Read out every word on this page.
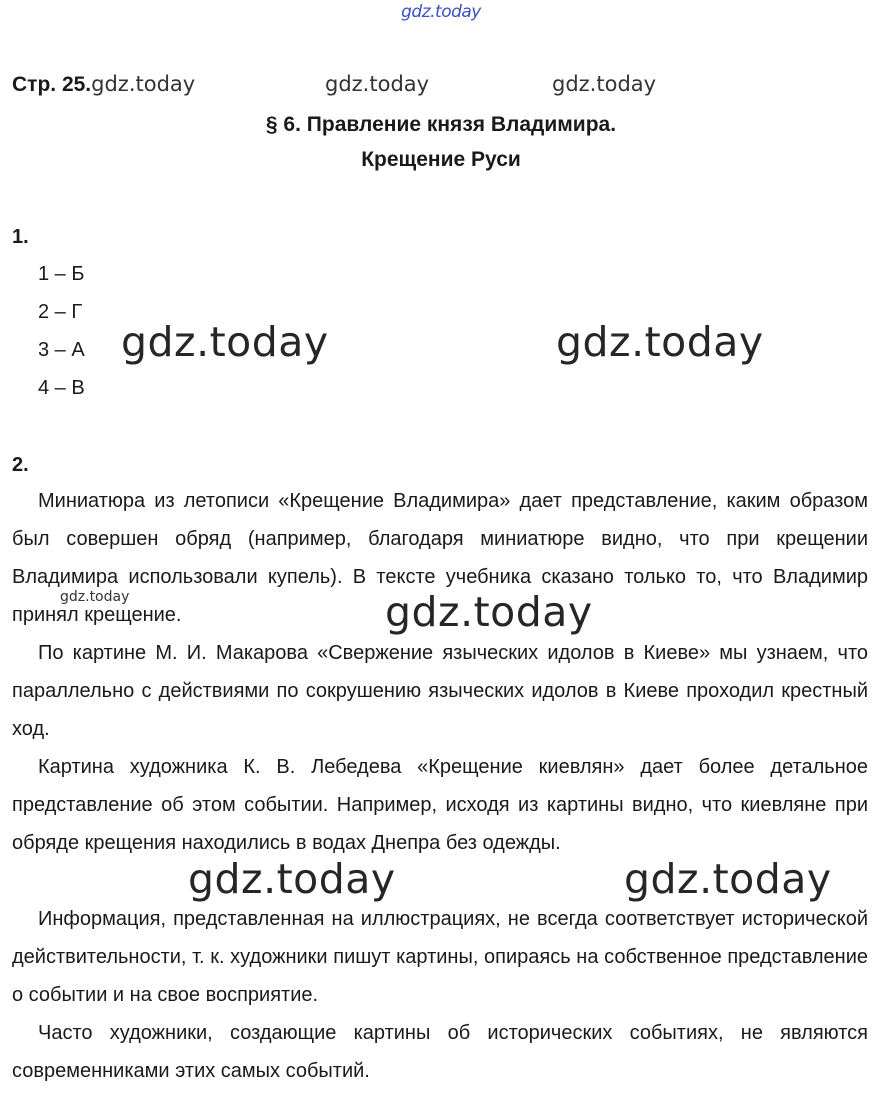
gdz.today
Стр. 25.gdz.today	gdz.today	gdz.today
§ 6. Правление князя Владимира.
Крещение Руси
1.
1 – Б
2 – Г
3 – А
4 – В
2.

Миниатюра из летописи «Крещение Владимира» дает представление, каким образом был совершен обряд (например, благодаря миниатюре видно, что при крещении Владимира использовали купель). В тексте учебника сказано только то, что Владимир принял крещение.

По картине М. И. Макарова «Свержение языческих идолов в Киеве» мы узнаем, что параллельно с действиями по сокрушению языческих идолов в Киеве проходил крестный ход.

Картина художника К. В. Лебедева «Крещение киевлян» дает более детальное представление об этом событии. Например, исходя из картины видно, что киевляне при обряде крещения находились в водах Днепра без одежды.

Информация, представленная на иллюстрациях, не всегда соответствует исторической действительности, т. к. художники пишут картины, опираясь на собственное представление о событии и на свое восприятие.

Часто художники, создающие картины об исторических событиях, не являются современниками этих самых событий.

gdz.today	gdz.today
gdz.today	gdz.today
gdz.today	gdz.today
